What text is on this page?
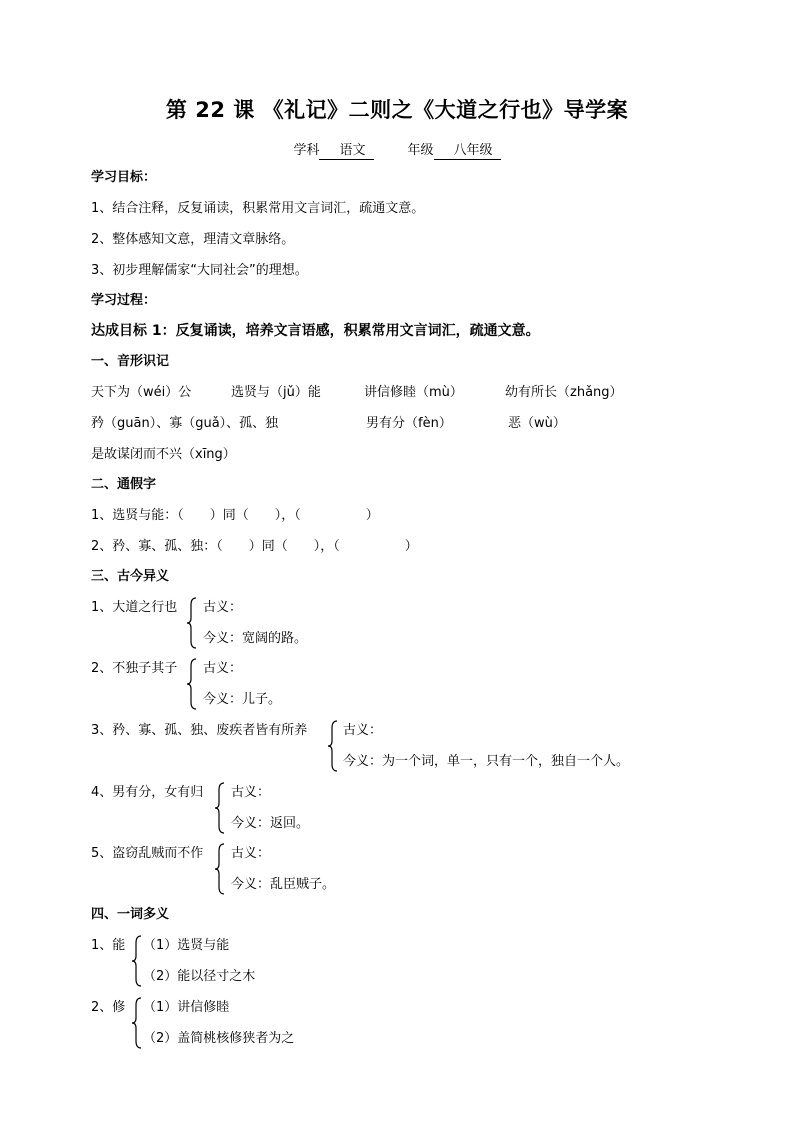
第 22 课 《礼记》二则之《大道之行也》导学案
学科 语文	年级 八年级
学习目标：
1、结合注释，反复诵读，积累常用文言词汇，疏通文意。
2、整体感知文意，理清文章脉络。
3、初步理解儒家“大同社会”的理想。
学习过程：
达成目标 1：反复诵读，培养文言语感，积累常用文言词汇，疏通文意。
一、音形识记
天下为（wéi）公	选贤与（jǔ）能	讲信修睦（mù）	幼有所长（zhǎng）
矜（guān）、寡（guǎ）、孤、独	男有分（fèn）	恶（wù）
是故谋闭而不兴（xīng）
二、通假字
1、选贤与能：（　　）同（　　），（　　　　　）
2、矜、寡、孤、独：（　　）同（　　），（　　　　　）
三、古今异义
1、大道之行也 古义：
今义：宽阔的路。
2、不独子其子 古义：
今义：儿子。
3、矜、寡、孤、独、废疾者皆有所养	古义：
今义：为一个词，单一，只有一个，独自一个人。
4、男有分，女有归 古义：
今义：返回。
5、盗窃乱贼而不作 古义：
今义：乱臣贼子。
四、一词多义
1、能 （1）选贤与能
（2）能以径寸之木
2、修 （1）讲信修睦
（2）盖简桃核修狭者为之
